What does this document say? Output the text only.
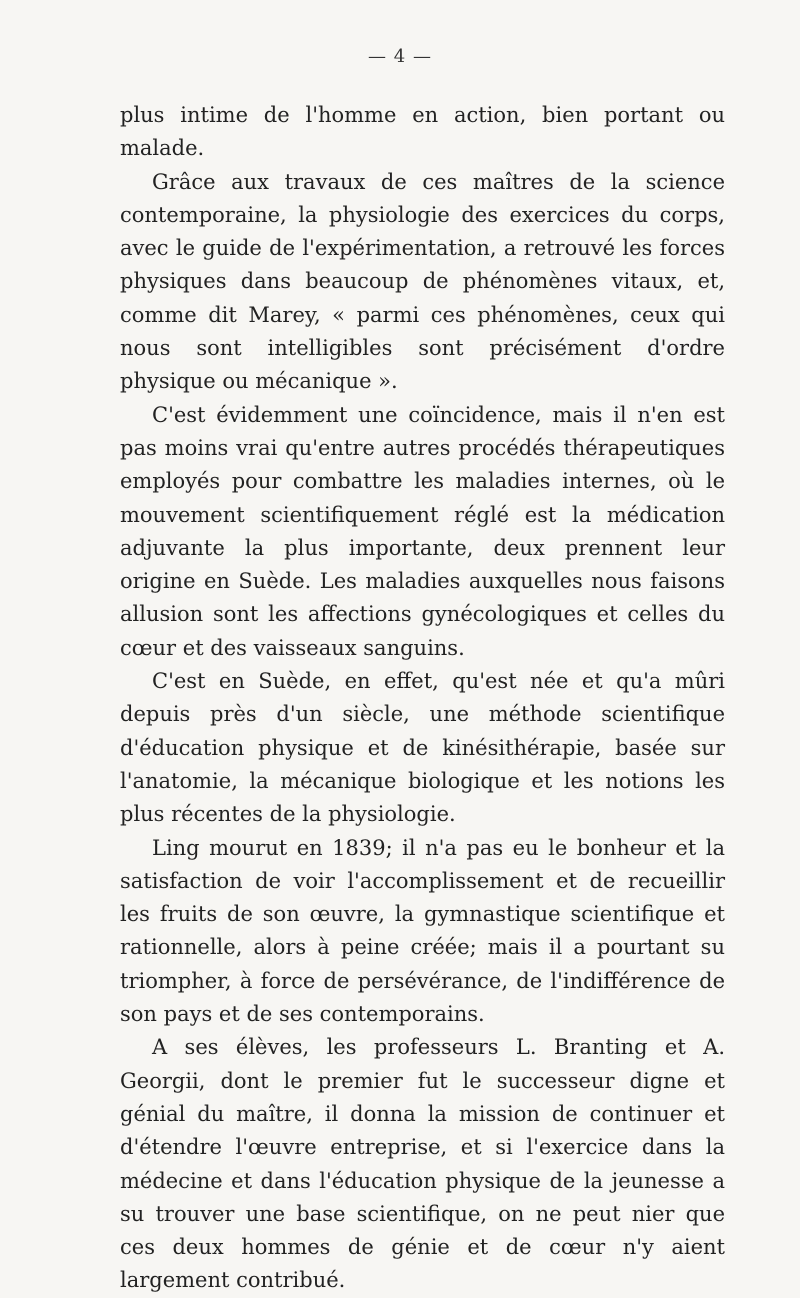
— 4 —

plus intime de l'homme en action, bien portant ou malade.

Grâce aux travaux de ces maîtres de la science contemporaine, la physiologie des exercices du corps, avec le guide de l'expérimentation, a retrouvé les forces physiques dans beaucoup de phénomènes vitaux, et, comme dit Marey, « parmi ces phénomènes, ceux qui nous sont intelligibles sont précisément d'ordre physique ou mécanique ».

C'est évidemment une coïncidence, mais il n'en est pas moins vrai qu'entre autres procédés thérapeutiques employés pour combattre les maladies internes, où le mouvement scientifiquement réglé est la médication adjuvante la plus importante, deux prennent leur origine en Suède. Les maladies auxquelles nous faisons allusion sont les affections gynécologiques et celles du cœur et des vaisseaux sanguins.

C'est en Suède, en effet, qu'est née et qu'a mûri depuis près d'un siècle, une méthode scientifique d'éducation physique et de kinésithérapie, basée sur l'anatomie, la mécanique biologique et les notions les plus récentes de la physiologie.

Ling mourut en 1839; il n'a pas eu le bonheur et la satisfaction de voir l'accomplissement et de recueillir les fruits de son œuvre, la gymnastique scientifique et rationnelle, alors à peine créée; mais il a pourtant su triompher, à force de persévérance, de l'indifférence de son pays et de ses contemporains.

A ses élèves, les professeurs L. Branting et A. Georgii, dont le premier fut le successeur digne et génial du maître, il donna la mission de continuer et d'étendre l'œuvre entreprise, et si l'exercice dans la médecine et dans l'éducation physique de la jeunesse a su trouver une base scientifique, on ne peut nier que ces deux hommes de génie et de cœur n'y aient largement contribué.
